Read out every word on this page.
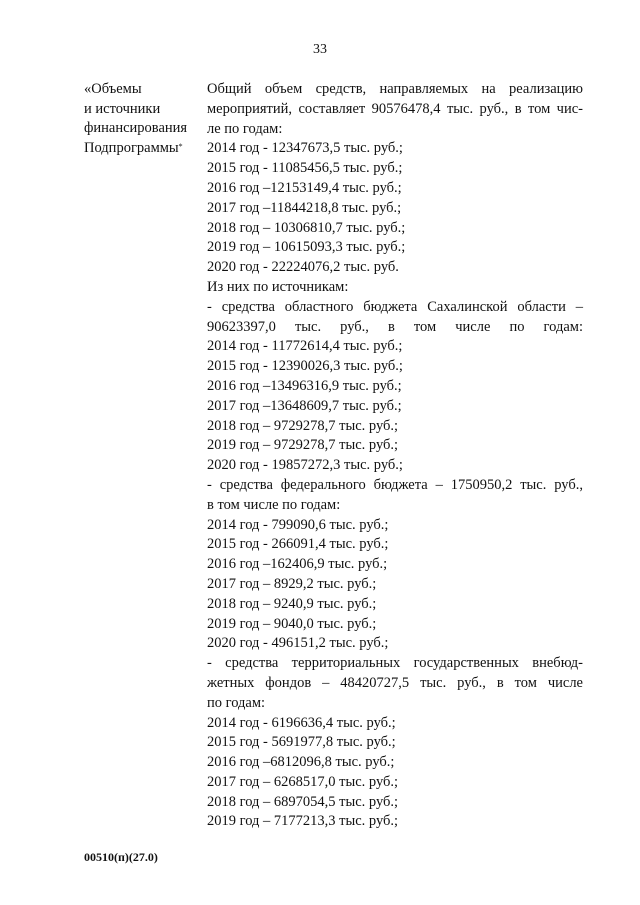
33
«Объемы
и источники
финансирования
Подпрограммы*
Общий объем средств, направляемых на реализацию
мероприятий, составляет 90576478,4 тыс. руб., в том чис-
ле по годам:
2014 год - 12347673,5 тыс. руб.;
2015 год - 11085456,5 тыс. руб.;
2016 год –12153149,4 тыс. руб.;
2017 год –11844218,8 тыс. руб.;
2018 год – 10306810,7 тыс. руб.;
2019 год – 10615093,3 тыс. руб.;
2020 год - 22224076,2 тыс. руб.
Из них по источникам:
- средства областного бюджета Сахалинской области –
90623397,0 тыс. руб., в том числе по годам:
2014 год - 11772614,4 тыс. руб.;
2015 год - 12390026,3 тыс. руб.;
2016 год –13496316,9 тыс. руб.;
2017 год –13648609,7 тыс. руб.;
2018 год – 9729278,7 тыс. руб.;
2019 год – 9729278,7 тыс. руб.;
2020 год - 19857272,3 тыс. руб.;
- средства федерального бюджета – 1750950,2 тыс. руб.,
в том числе по годам:
2014 год - 799090,6 тыс. руб.;
2015 год - 266091,4 тыс. руб.;
2016 год –162406,9 тыс. руб.;
2017 год – 8929,2 тыс. руб.;
2018 год – 9240,9 тыс. руб.;
2019 год – 9040,0 тыс. руб.;
2020 год - 496151,2 тыс. руб.;
- средства территориальных государственных внебюд-
жетных фондов – 48420727,5 тыс. руб., в том числе
по годам:
2014 год - 6196636,4 тыс. руб.;
2015 год - 5691977,8 тыс. руб.;
2016 год –6812096,8 тыс. руб.;
2017 год – 6268517,0 тыс. руб.;
2018 год – 6897054,5 тыс. руб.;
2019 год – 7177213,3 тыс. руб.;
00510(п)(27.0)
